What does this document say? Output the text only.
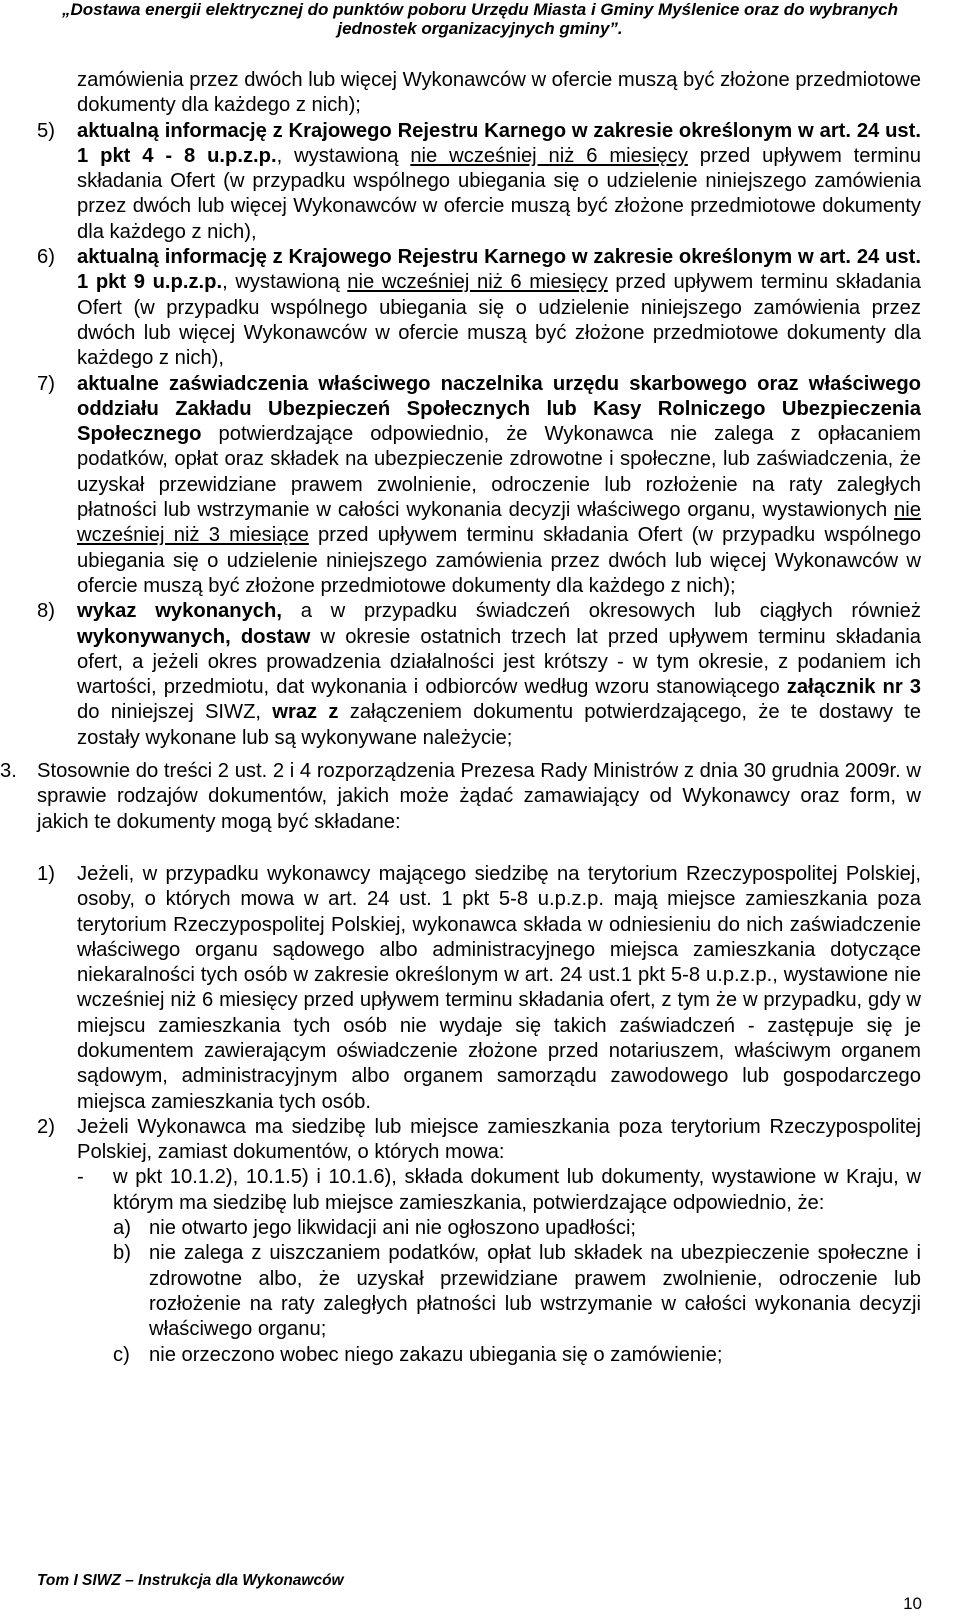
„Dostawa energii elektrycznej do punktów poboru Urzędu Miasta i Gminy Myślenice oraz do wybranych
jednostek organizacyjnych gminy”.

zamówienia przez dwóch lub więcej Wykonawców w ofercie muszą być złożone przedmiotowe dokumenty dla każdego z nich);

5) aktualną informację z Krajowego Rejestru Karnego w zakresie określonym w art. 24 ust. 1 pkt 4 - 8 u.p.z.p., wystawioną nie wcześniej niż 6 miesięcy przed upływem terminu składania Ofert (w przypadku wspólnego ubiegania się o udzielenie niniejszego zamówienia przez dwóch lub więcej Wykonawców w ofercie muszą być złożone przedmiotowe dokumenty dla każdego z nich),

6) aktualną informację z Krajowego Rejestru Karnego w zakresie określonym w art. 24 ust. 1 pkt 9 u.p.z.p., wystawioną nie wcześniej niż 6 miesięcy przed upływem terminu składania Ofert (w przypadku wspólnego ubiegania się o udzielenie niniejszego zamówienia przez dwóch lub więcej Wykonawców w ofercie muszą być złożone przedmiotowe dokumenty dla każdego z nich),

7) aktualne zaświadczenia właściwego naczelnika urzędu skarbowego oraz właściwego oddziału Zakładu Ubezpieczeń Społecznych lub Kasy Rolniczego Ubezpieczenia Społecznego potwierdzające odpowiednio, że Wykonawca nie zalega z opłacaniem podatków, opłat oraz składek na ubezpieczenie zdrowotne i społeczne, lub zaświadczenia, że uzyskał przewidziane prawem zwolnienie, odroczenie lub rozłożenie na raty zaległych płatności lub wstrzymanie w całości wykonania decyzji właściwego organu, wystawionych nie wcześniej niż 3 miesiące przed upływem terminu składania Ofert (w przypadku wspólnego ubiegania się o udzielenie niniejszego zamówienia przez dwóch lub więcej Wykonawców w ofercie muszą być złożone przedmiotowe dokumenty dla każdego z nich);

8) wykaz wykonanych, a w przypadku świadczeń okresowych lub ciągłych również wykonywanych, dostaw w okresie ostatnich trzech lat przed upływem terminu składania ofert, a jeżeli okres prowadzenia działalności jest krótszy - w tym okresie, z podaniem ich wartości, przedmiotu, dat wykonania i odbiorców według wzoru stanowiącego załącznik nr 3 do niniejszej SIWZ, wraz z załączeniem dokumentu potwierdzającego, że te dostawy te zostały wykonane lub są wykonywane należycie;

3. Stosownie do treści 2 ust. 2 i 4 rozporządzenia Prezesa Rady Ministrów z dnia 30 grudnia 2009r. w sprawie rodzajów dokumentów, jakich może żądać zamawiający od Wykonawcy oraz form, w jakich te dokumenty mogą być składane:

1) Jeżeli, w przypadku wykonawcy mającego siedzibę na terytorium Rzeczypospolitej Polskiej, osoby, o których mowa w art. 24 ust. 1 pkt 5-8 u.p.z.p. mają miejsce zamieszkania poza terytorium Rzeczypospolitej Polskiej, wykonawca składa w odniesieniu do nich zaświadczenie właściwego organu sądowego albo administracyjnego miejsca zamieszkania dotyczące niekaralności tych osób w zakresie określonym w art. 24 ust.1 pkt 5-8 u.p.z.p., wystawione nie wcześniej niż 6 miesięcy przed upływem terminu składania ofert, z tym że w przypadku, gdy w miejscu zamieszkania tych osób nie wydaje się takich zaświadczeń - zastępuje się je dokumentem zawierającym oświadczenie złożone przed notariuszem, właściwym organem sądowym, administracyjnym albo organem samorządu zawodowego lub gospodarczego miejsca zamieszkania tych osób.

2) Jeżeli Wykonawca ma siedzibę lub miejsce zamieszkania poza terytorium Rzeczypospolitej Polskiej, zamiast dokumentów, o których mowa:

- w pkt 10.1.2), 10.1.5) i 10.1.6), składa dokument lub dokumenty, wystawione w Kraju, w którym ma siedzibę lub miejsce zamieszkania, potwierdzające odpowiednio, że:

a) nie otwarto jego likwidacji ani nie ogłoszono upadłości;

b) nie zalega z uiszczaniem podatków, opłat lub składek na ubezpieczenie społeczne i zdrowotne albo, że uzyskał przewidziane prawem zwolnienie, odroczenie lub rozłożenie na raty zaległych płatności lub wstrzymanie w całości wykonania decyzji właściwego organu;

c) nie orzeczono wobec niego zakazu ubiegania się o zamówienie;

Tom I SIWZ – Instrukcja dla Wykonawców
10
